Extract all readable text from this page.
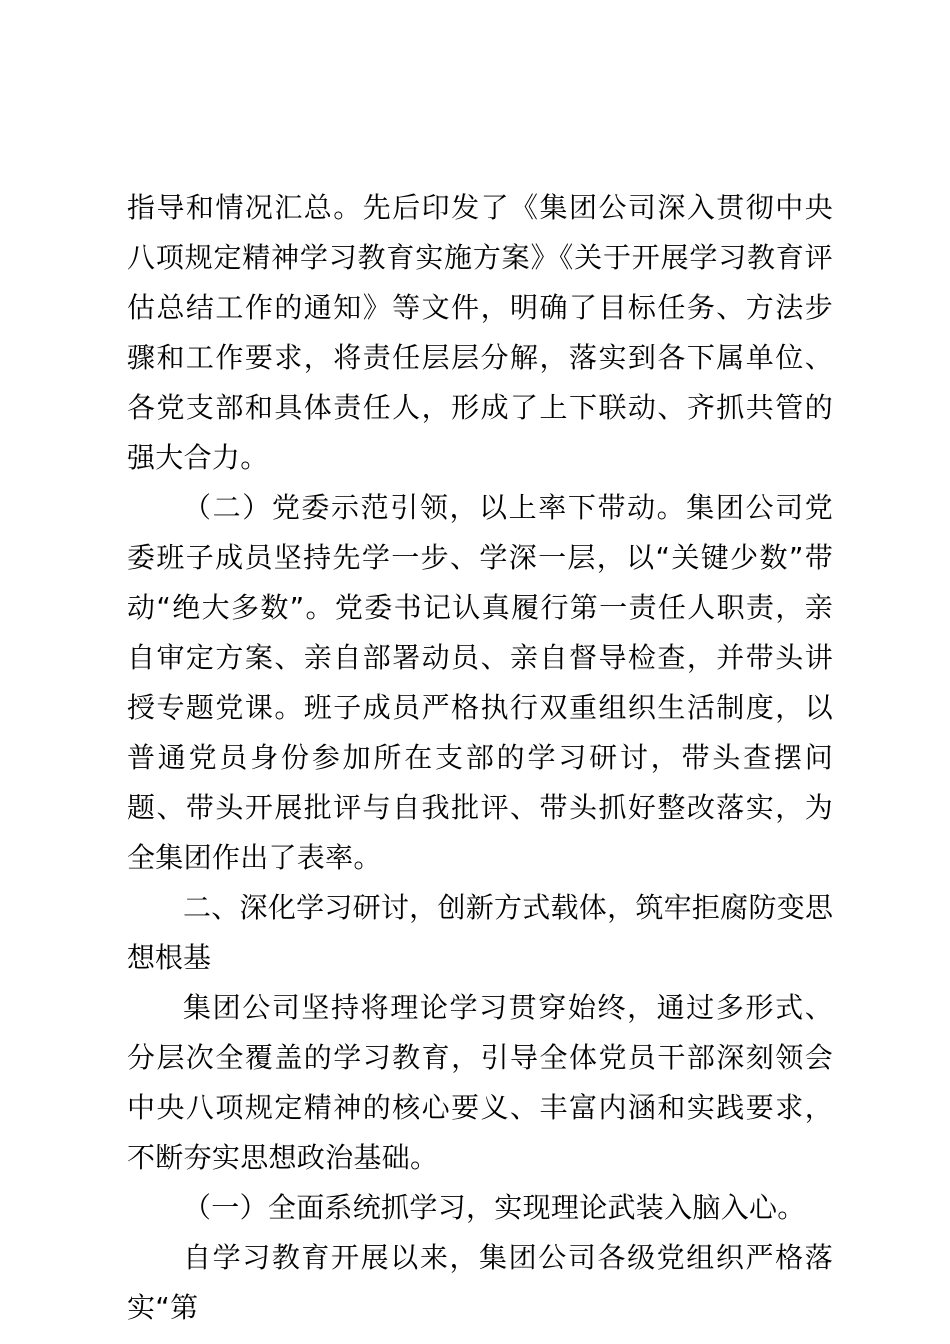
指导和情况汇总。先后印发了《集团公司深入贯彻中央八项规定精神学习教育实施方案》《关于开展学习教育评估总结工作的通知》等文件，明确了目标任务、方法步骤和工作要求，将责任层层分解，落实到各下属单位、各党支部和具体责任人，形成了上下联动、齐抓共管的强大合力。

（二）党委示范引领，以上率下带动。集团公司党委班子成员坚持先学一步、学深一层，以“关键少数”带动“绝大多数”。党委书记认真履行第一责任人职责，亲自审定方案、亲自部署动员、亲自督导检查，并带头讲授专题党课。班子成员严格执行双重组织生活制度，以普通党员身份参加所在支部的学习研讨，带头查摆问题、带头开展批评与自我批评、带头抓好整改落实，为全集团作出了表率。

二、深化学习研讨，创新方式载体，筑牢拒腐防变思想根基

集团公司坚持将理论学习贯穿始终，通过多形式、分层次全覆盖的学习教育，引导全体党员干部深刻领会中央八项规定精神的核心要义、丰富内涵和实践要求，不断夯实思想政治基础。

（一）全面系统抓学习，实现理论武装入脑入心。

自学习教育开展以来，集团公司各级党组织严格落实“第
